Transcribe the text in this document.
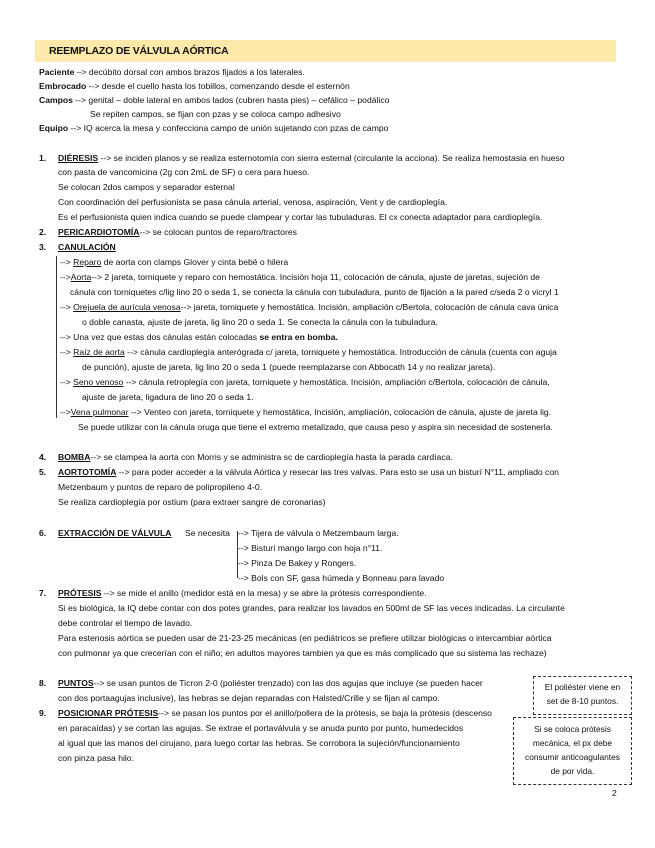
REEMPLAZO DE VÁLVULA AÓRTICA
Paciente –> decúbito dorsal con ambos brazos fijados a los laterales.
Embrocado --> desde el cuello hasta los tobillos, comenzando desde el esternón
Campos --> genital – doble lateral en ambos lados (cubren hasta pies) – cefálico – podálico
Se repiten campos, se fijan con pzas y se coloca campo adhesivo
Equipo --> IQ acerca la mesa y confecciona campo de unión sujetando con pzas de campo
1. DIÉRESIS --> se inciden planos y se realiza esternotomía con sierra esternal (circulante la acciona). Se realiza hemostasia en hueso
con pasta de vancomicina (2g con 2mL de SF) o cera para hueso.
Se colocan 2dos campos y separador esternal
Con coordinación del perfusionista se pasa cánula arterial, venosa, aspiración, Vent y de cardioplegía.
Es el perfusionista quien indica cuando se puede clampear y cortar las tubuladuras. El cx conecta adaptador para cardioplegía.
2. PERICARDIOTOMÍA--> se colocan puntos de reparo/tractores
3. CANULACIÓN
--> Reparo de aorta con clamps Glover y cinta bebé o hilera
-->Aorta--> 2 jareta, torniquete y reparo con hemostática. Incisión hoja 11, colocación de cánula, ajuste de jaretas, sujeción de
cánula con torniquetes c/lig lino 20 o seda 1, se conecta la cánula con tubuladura, punto de fijación a la pared c/seda 2 o vicryl 1
--> Orejuela de aurícula venosa--> jareta, torniquete y hemostática. Incisión, ampliación c/Bertola, colocación de cánula cava única
o doble canasta, ajuste de jareta, lig lino 20 o seda 1. Se conecta la cánula con la tubuladura.
--> Una vez que estas dos cánulas están colocadas se entra en bomba.
--> Raíz de aorta --> cánula cardioplegía anterógrada c/ jareta, torniquete y hemostática. Introducción de cánula (cuenta con aguja
de punción), ajuste de jareta, lig lino 20 o seda 1 (puede reemplazarse con Abbocath 14 y no realizar jareta).
--> Seno venoso --> cánula retroplegía con jareta, torniquete y hemostática. Incisión, ampliación c/Bertola, colocación de cánula,
ajuste de jareta, ligadura de lino 20 o seda 1.
-->Vena pulmonar --> Venteo con jareta, torniquete y hemostática, Incisión, ampliación, colocación de cánula, ajuste de jareta lig.
Se puede utilizar con la cánula oruga que tiene el extremo metalizado, que causa peso y aspira sin necesidad de sostenerla.
4. BOMBA--> se clampea la aorta con Morris y se administra sc de cardioplegía hasta la parada cardíaca.
5. AORTOTOMÍA --> para poder acceder a la válvula Aórtica y resecar las tres valvas. Para esto se usa un bisturí N°11, ampliado con
Metzenbaum y puntos de reparo de polipropileno 4-0.
Se realiza cardioplegía por ostium (para extraer sangre de coronarias)
6. EXTRACCIÓN DE VÁLVULA Se necesita --> Tijera de válvula o Metzembaum larga.
--> Bisturí mango largo con hoja n°11.
--> Pinza De Bakey y Rongers.
--> Bols con SF, gasa húmeda y Bonneau para lavado
7. PRÓTESIS --> se mide el anillo (medidor está en la mesa) y se abre la prótesis correspondiente.
Si es biológica, la IQ debe contar con dos potes grandes, para realizar los lavados en 500ml de SF las veces indicadas. La circulante
debe controlar el tiempo de lavado.
Para estenosis aórtica se pueden usar de 21-23-25 mecánicas (en pediátricos se prefiere utilizar biológicas o intercambiar aórtica
con pulmonar ya que crecerían con el niño; en adultos mayores tambien ya que es más complicado que su sistema las rechaze)
8. PUNTOS--> se usan puntos de Ticron 2-0 (poliéster trenzado) con las dos agujas que incluye (se pueden hacer
con dos portaagujas inclusive), las hebras se dejan reparadas con Halsted/Crille y se fijan al campo.
9. POSICIONAR PRÓTESIS--> se pasan los puntos por el anillo/pollera de la prótesis, se baja la prótesis (descenso
en paracaídas) y se cortan las agujas. Se extrae el portaválvula y se anuda punto por punto, humedecidos
al igual que las manos del cirujano, para luego cortar las hebras. Se corrobora la sujeción/funcionamiento
con pinza pasa hilo.
El poliéster viene en
set de 8-10 puntos.
Si se coloca prótesis
mecánica, el px debe
consumir anticoagulantes
de por vida.
2
